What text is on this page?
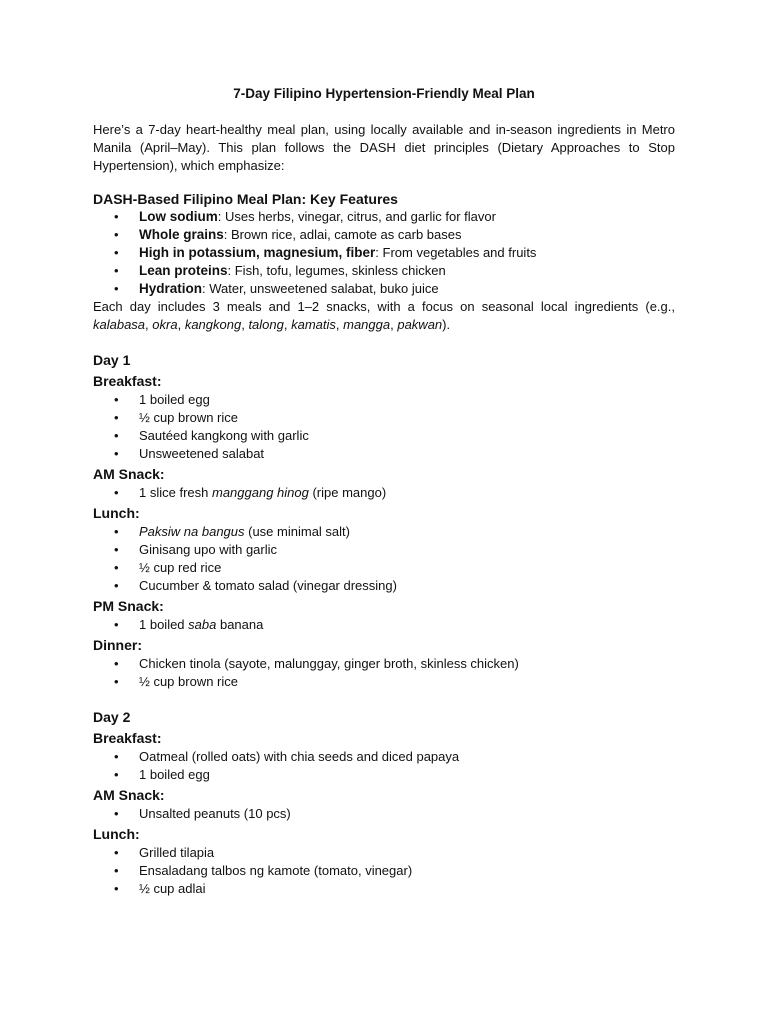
7-Day Filipino Hypertension-Friendly Meal Plan

Here’s a 7-day heart-healthy meal plan, using locally available and in-season ingredients in Metro Manila (April–May). This plan follows the DASH diet principles (Dietary Approaches to Stop Hypertension), which emphasize:

DASH-Based Filipino Meal Plan: Key Features
• Low sodium: Uses herbs, vinegar, citrus, and garlic for flavor
• Whole grains: Brown rice, adlai, camote as carb bases
• High in potassium, magnesium, fiber: From vegetables and fruits
• Lean proteins: Fish, tofu, legumes, skinless chicken
• Hydration: Water, unsweetened salabat, buko juice

Each day includes 3 meals and 1–2 snacks, with a focus on seasonal local ingredients (e.g., kalabasa, okra, kangkong, talong, kamatis, mangga, pakwan).

Day 1
Breakfast:
• 1 boiled egg
• ½ cup brown rice
• Sautéed kangkong with garlic
• Unsweetened salabat
AM Snack:
• 1 slice fresh manggang hinog (ripe mango)
Lunch:
• Paksiw na bangus (use minimal salt)
• Ginisang upo with garlic
• ½ cup red rice
• Cucumber & tomato salad (vinegar dressing)
PM Snack:
• 1 boiled saba banana
Dinner:
• Chicken tinola (sayote, malunggay, ginger broth, skinless chicken)
• ½ cup brown rice
Day 2
Breakfast:
• Oatmeal (rolled oats) with chia seeds and diced papaya
• 1 boiled egg
AM Snack:
• Unsalted peanuts (10 pcs)
Lunch:
• Grilled tilapia
• Ensaladang talbos ng kamote (tomato, vinegar)
• ½ cup adlai
